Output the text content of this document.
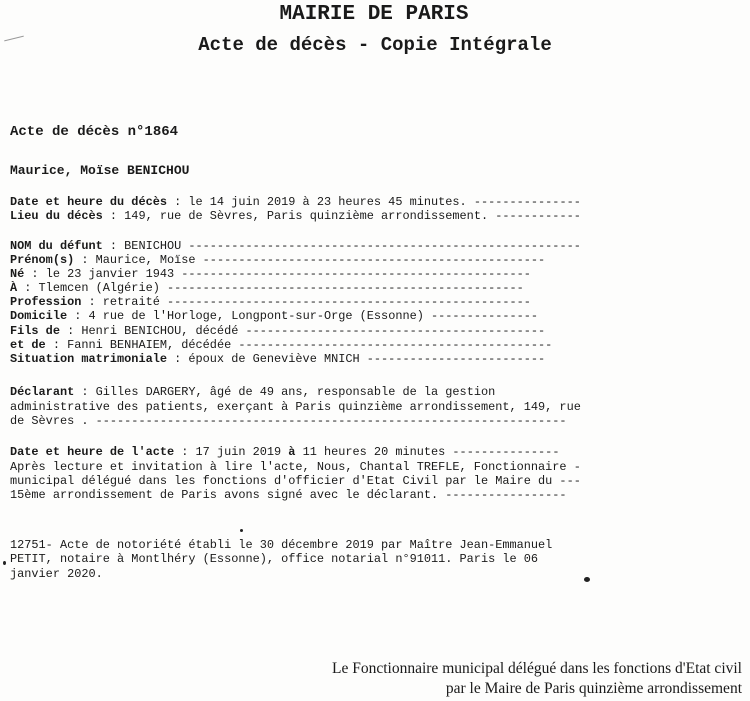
MAIRIE DE PARIS
Acte de décès - Copie Intégrale
Acte de décès n°1864
Maurice, Moïse BENICHOU
Date et heure du décès : le 14 juin 2019 à 23 heures 45 minutes. ---------------
Lieu du décès : 149, rue de Sèvres, Paris quinzième arrondissement. ------------
NOM du défunt : BENICHOU -------------------------------------------------------
Prénom(s) : Maurice, Moïse ------------------------------------------------
Né : le 23 janvier 1943 -------------------------------------------------
À : Tlemcen (Algérie) --------------------------------------------------
Profession : retraité ---------------------------------------------------
Domicile : 4 rue de l'Horloge, Longpont-sur-Orge (Essonne) ---------------
Fils de : Henri BENICHOU, décédé ------------------------------------------
et de : Fanni BENHAIEM, décédée --------------------------------------------
Situation matrimoniale : époux de Geneviève MNICH -------------------------
Déclarant : Gilles DARGERY, âgé de 49 ans, responsable de la gestion
administrative des patients, exerçant à Paris quinzième arrondissement, 149, rue
de Sèvres . ------------------------------------------------------------------
Date et heure de l'acte : 17 juin 2019 à 11 heures 20 minutes ---------------
Après lecture et invitation à lire l'acte, Nous, Chantal TREFLE, Fonctionnaire -
municipal délégué dans les fonctions d'officier d'Etat Civil par le Maire du ---
15ème arrondissement de Paris avons signé avec le déclarant. -----------------
12751- Acte de notoriété établi le 30 décembre 2019 par Maître Jean-Emmanuel
PETIT, notaire à Montlhéry (Essonne), office notarial n°91011. Paris le 06
janvier 2020.
Le Fonctionnaire municipal délégué dans les fonctions d'Etat civil
par le Maire de Paris quinzième arrondissement
